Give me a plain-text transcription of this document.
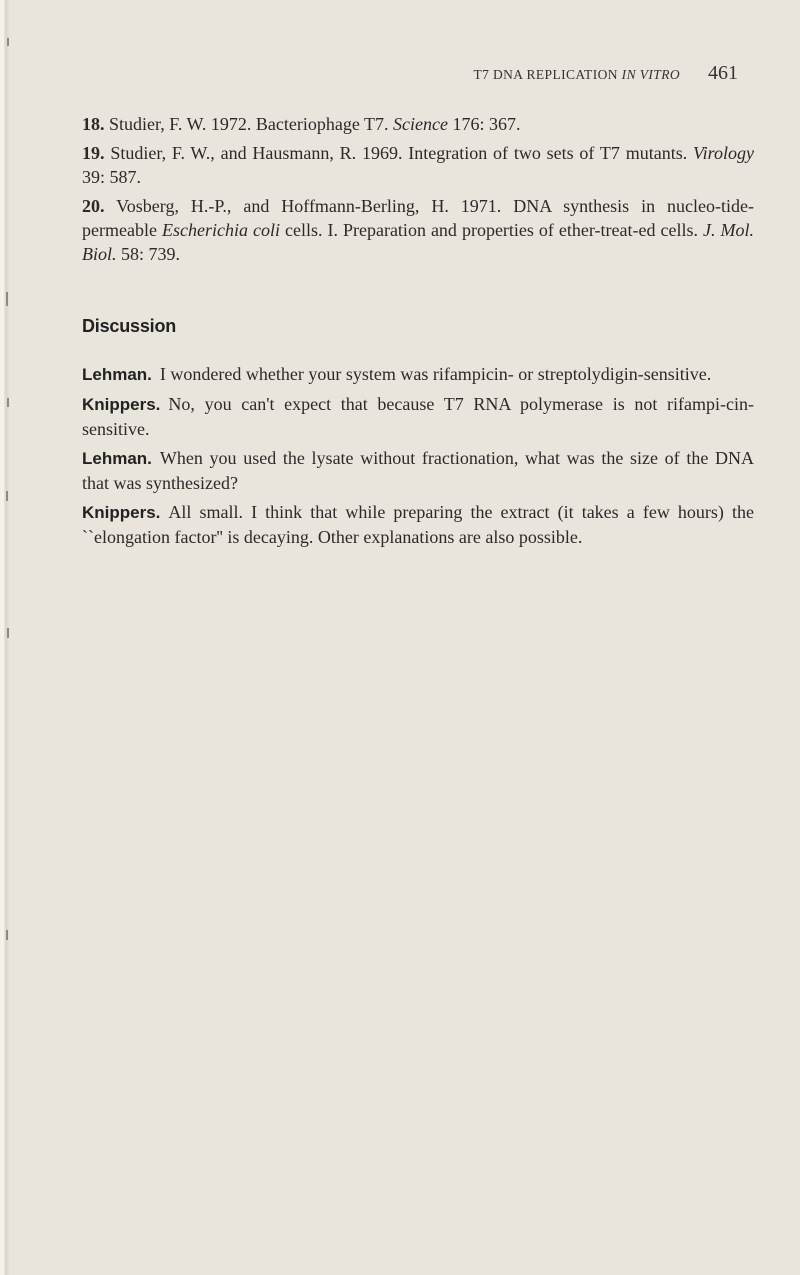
T7 DNA REPLICATION IN VITRO 461

18. Studier, F. W. 1972. Bacteriophage T7. Science 176: 367.

19. Studier, F. W., and Hausmann, R. 1969. Integration of two sets of T7 mutants. Virology 39: 587.

20. Vosberg, H.-P., and Hoffmann-Berling, H. 1971. DNA synthesis in nucleo-tide-permeable Escherichia coli cells. I. Preparation and properties of ether-treat-ed cells. J. Mol. Biol. 58: 739.

Discussion

Lehman. I wondered whether your system was rifampicin- or streptolydigin-sensitive.

Knippers. No, you can't expect that because T7 RNA polymerase is not rifampi-cin-sensitive.

Lehman. When you used the lysate without fractionation, what was the size of the DNA that was synthesized?

Knippers. All small. I think that while preparing the extract (it takes a few hours) the ``elongation factor'' is decaying. Other explanations are also possible.
